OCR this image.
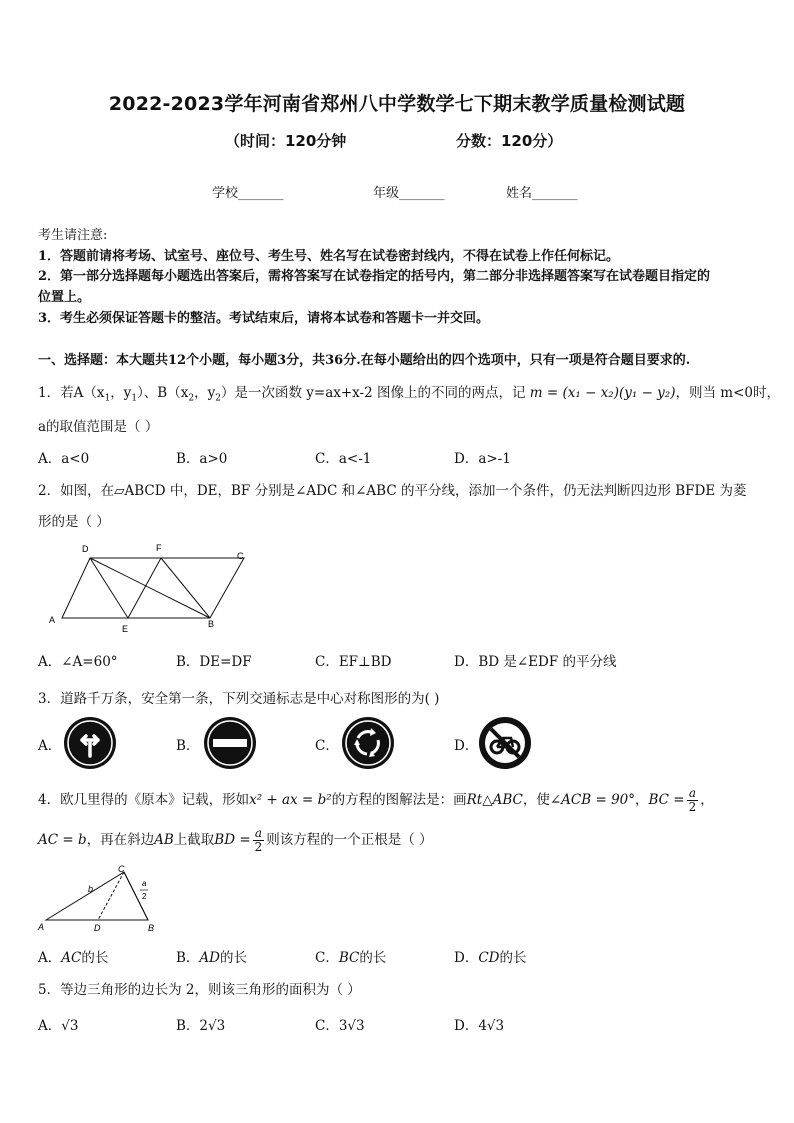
2022-2023学年河南省郑州八中学数学七下期末教学质量检测试题
（时间：120分钟	分数：120分）
学校_______	年级_______	姓名_______
考生请注意:
1．答题前请将考场、试室号、座位号、考生号、姓名写在试卷密封线内，不得在试卷上作任何标记。
2．第一部分选择题每小题选出答案后，需将答案写在试卷指定的括号内，第二部分非选择题答案写在试卷题目指定的
位置上。
3．考生必须保证答题卡的整洁。考试结束后，请将本试卷和答题卡一并交回。
一、选择题：本大题共12个小题，每小题3分，共36分.在每小题给出的四个选项中，只有一项是符合题目要求的.
1．若$A(x_1$，$y_1$）、$B(x_2$，$y_2$）是一次函数 y=ax+x-2 图像上的不同的两点，记 m = (x₁ − x₂)(y₁ − y₂)，则当 m<0时，
a的取值范围是（ ）
A．a<0	B．a>0	C．a<-1	D．a>-1
2．如图，在▱ABCD 中，DE，BF 分别是∠ADC 和∠ABC 的平分线，添加一个条件，仍无法判断四边形 BFDE 为菱
形的是（ ）
D	F
C
A
E	B
A．∠A=60°	B．DE=DF	C．EF⊥BD	D．BD 是∠EDF 的平分线
3．道路千万条，安全第一条，下列交通标志是中心对称图形的为( )
A．	B．	C．	D．
4．欧几里得的《原本》记载，形如x² + ax = b²的方程的图解法是：画Rt△ABC，使∠ACB = 90°，BC = $\frac{a}{2}$ ，
AC = b，再在斜边AB上截取BD = $\frac{a}{2}$ 则该方程的一个正根是（ ）
C
A	D	B
b
a
2
A．AC的长	B．AD的长	C．BC的长	D．CD的长
5．等边三角形的边长为 2，则该三角形的面积为（ ）
A．√3	B．2√3	C．3√3	D．4√3
